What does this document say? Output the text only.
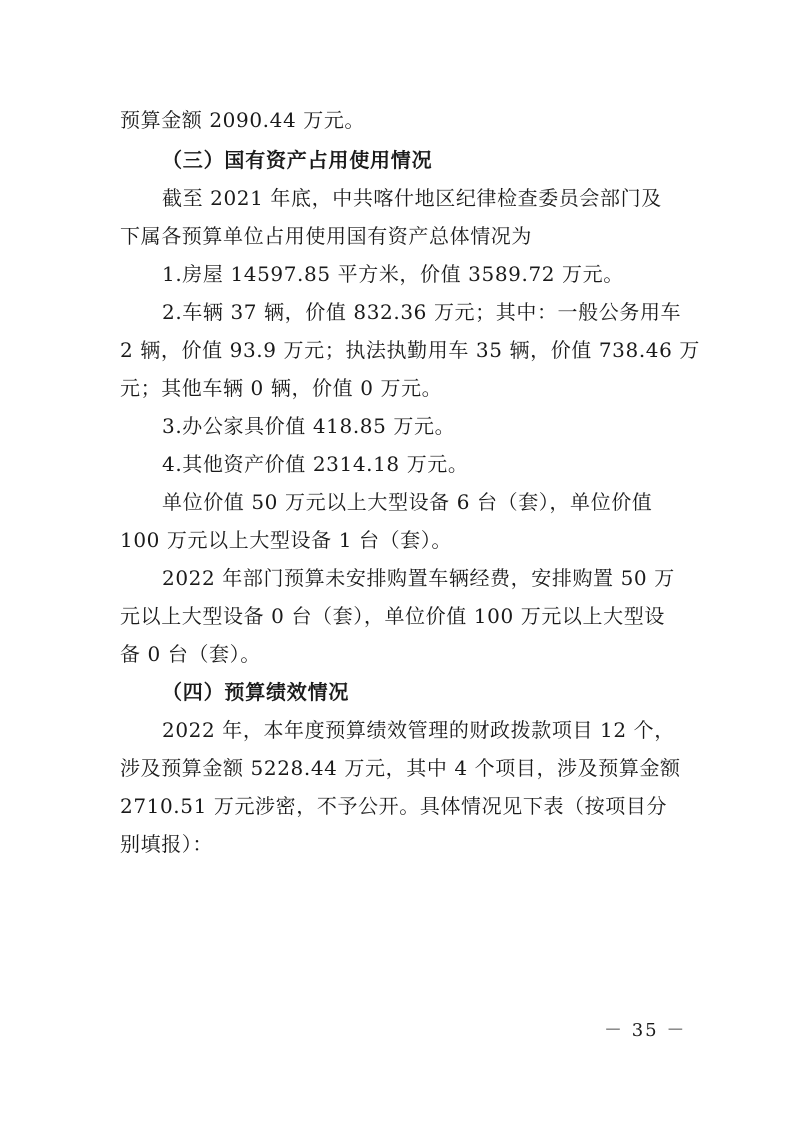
预算金额 2090.44 万元。
（三）国有资产占用使用情况
截至 2021 年底，中共喀什地区纪律检查委员会部门及
下属各预算单位占用使用国有资产总体情况为
1.房屋 14597.85 平方米，价值 3589.72 万元。
2.车辆 37 辆，价值 832.36 万元；其中：一般公务用车
2 辆，价值 93.9 万元；执法执勤用车 35 辆，价值 738.46 万
元；其他车辆 0 辆，价值 0 万元。
3.办公家具价值 418.85 万元。
4.其他资产价值 2314.18 万元。
单位价值 50 万元以上大型设备 6 台（套），单位价值
100 万元以上大型设备 1 台（套）。
2022 年部门预算未安排购置车辆经费，安排购置 50 万
元以上大型设备 0 台（套），单位价值 100 万元以上大型设
备 0 台（套）。
（四）预算绩效情况
2022 年，本年度预算绩效管理的财政拨款项目 12 个，
涉及预算金额 5228.44 万元，其中 4 个项目，涉及预算金额
2710.51 万元涉密，不予公开。具体情况见下表（按项目分
别填报）：
－ 35 －
